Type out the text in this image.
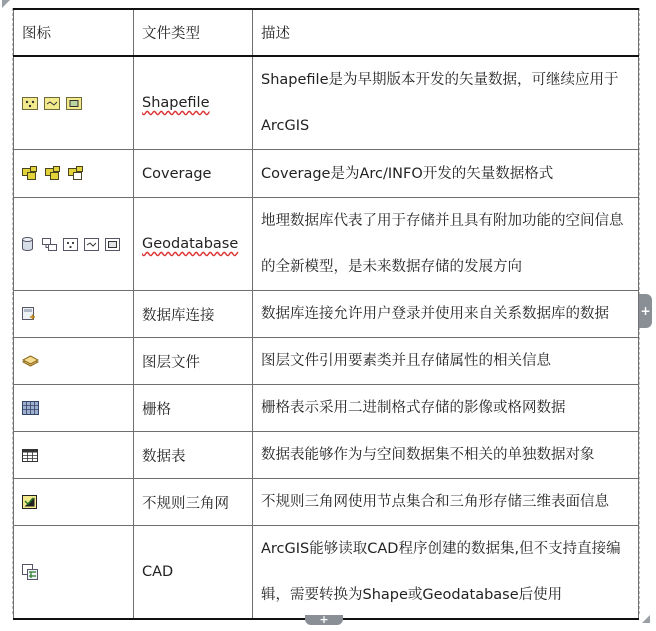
图标	文件类型	描述

	Shapefile	Shapefile是为早期版本开发的矢量数据，可继续应用于ArcGIS

	Coverage	Coverage是为Arc/INFO开发的矢量数据格式

	Geodatabase	地理数据库代表了用于存储并且具有附加功能的空间信息的全新模型，是未来数据存储的发展方向

	数据库连接	数据库连接允许用户登录并使用来自关系数据库的数据

	图层文件	图层文件引用要素类并且存储属性的相关信息

	栅格	栅格表示采用二进制格式存储的影像或格网数据

	数据表	数据表能够作为与空间数据集不相关的单独数据对象

	不规则三角网	不规则三角网使用节点集合和三角形存储三维表面信息

	CAD	ArcGIS能够读取CAD程序创建的数据集,但不支持直接编辑，需要转换为Shape或Geodatabase后使用
+
+
